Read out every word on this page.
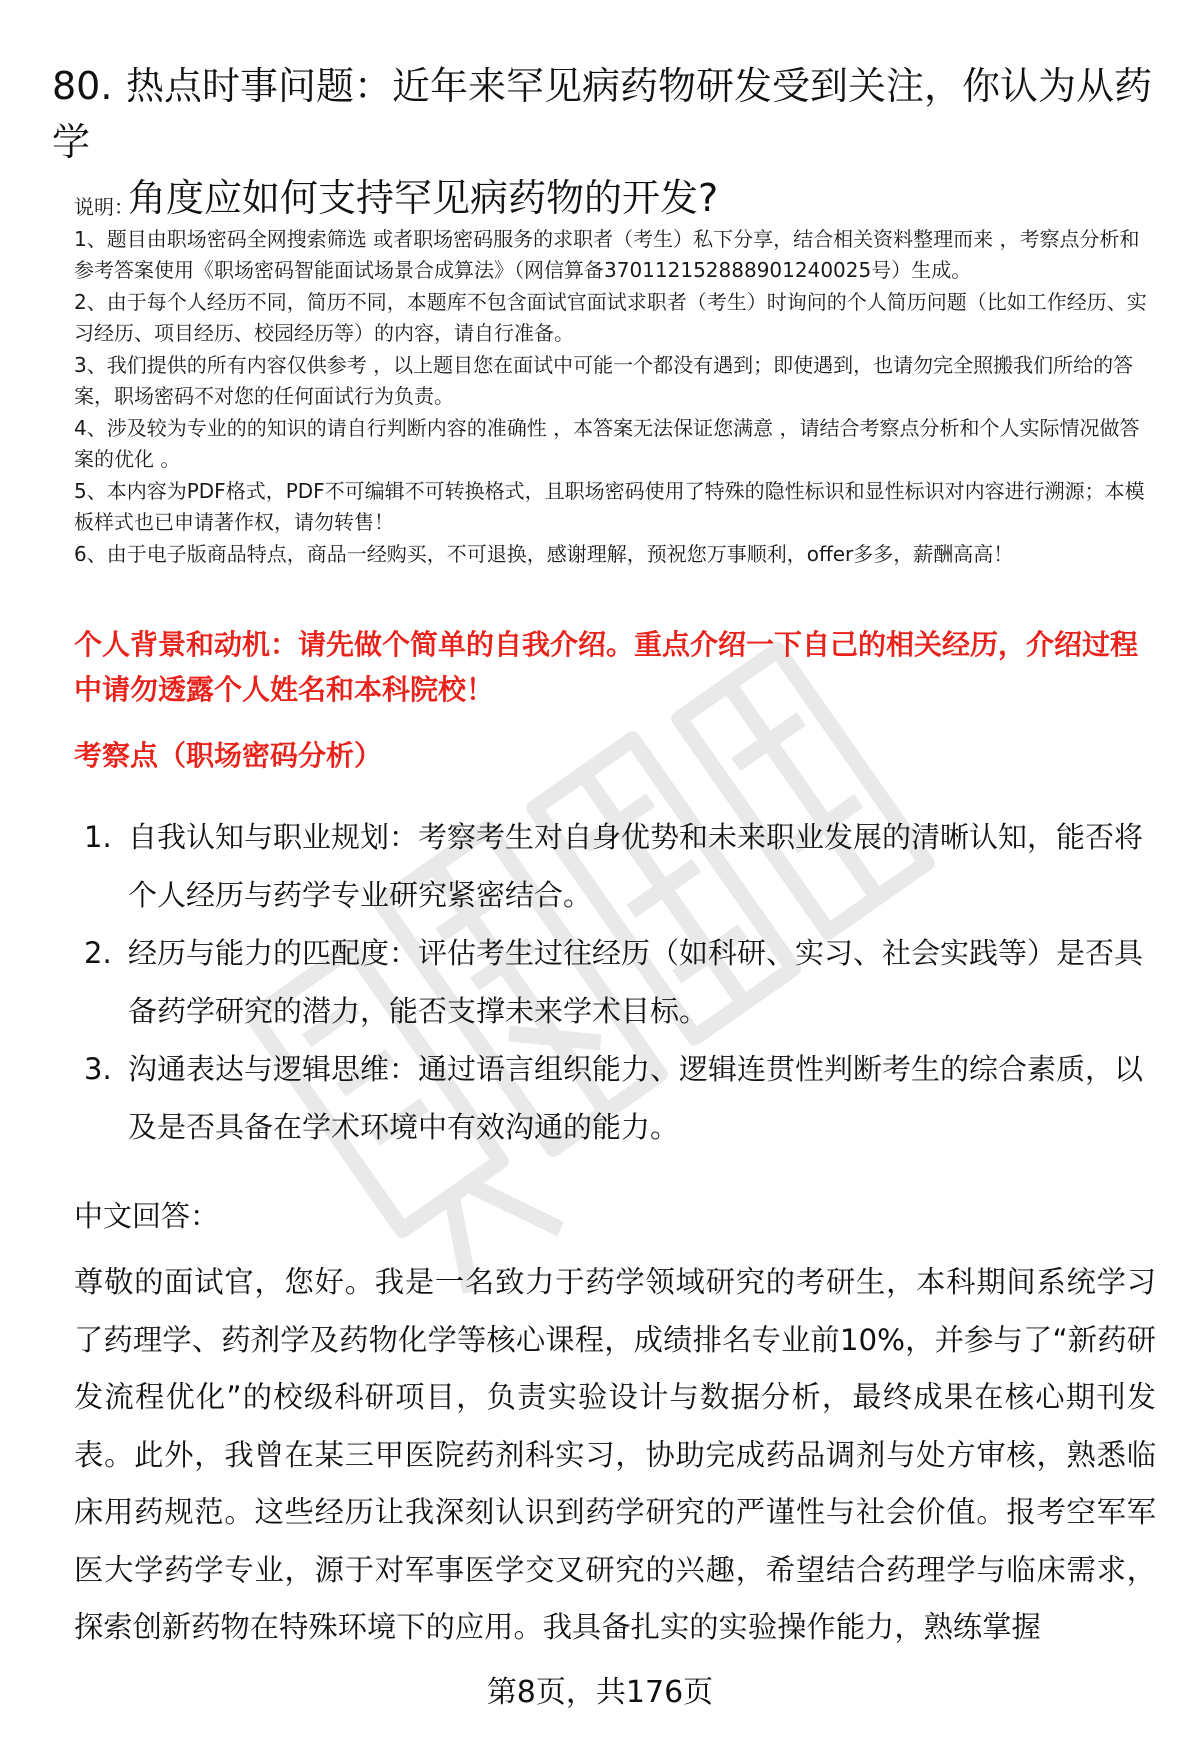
80. 热点时事问题：近年来罕见病药物研发受到关注，你认为从药学
角度应如何支持罕见病药物的开发?

说明：

1、题目由职场密码全网搜索筛选 或者职场密码服务的求职者（考生）私下分享，结合相关资料整理而来 ，考察点分析和参考答案使用《职场密码智能面试场景合成算法》（网信算备370112152888901240025号）生成。

2、由于每个人经历不同，简历不同，本题库不包含面试官面试求职者（考生）时询问的个人简历问题（比如工作经历、实习经历、项目经历、校园经历等）的内容，请自行准备。

3、我们提供的所有内容仅供参考 ，以上题目您在面试中可能一个都没有遇到；即使遇到，也请勿完全照搬我们所给的答案，职场密码不对您的任何面试行为负责。

4、涉及较为专业的的知识的请自行判断内容的准确性 ，本答案无法保证您满意 ，请结合考察点分析和个人实际情况做答案的优化 。

5、本内容为PDF格式，PDF不可编辑不可转换格式，且职场密码使用了特殊的隐性标识和显性标识对内容进行溯源；本模板样式也已申请著作权，请勿转售！

6、由于电子版商品特点，商品一经购买，不可退换，感谢理解，预祝您万事顺利，offer多多，薪酬高高！

个人背景和动机：请先做个简单的自我介绍。重点介绍一下自己的相关经历，介绍过程中请勿透露个人姓名和本科院校！

考察点（职场密码分析）

1. 自我认知与职业规划：考察考生对自身优势和未来职业发展的清晰认知，能否将个人经历与药学专业研究紧密结合。
2. 经历与能力的匹配度：评估考生过往经历（如科研、实习、社会实践等）是否具备药学研究的潜力，能否支撑未来学术目标。
3. 沟通表达与逻辑思维：通过语言组织能力、逻辑连贯性判断考生的综合素质，以及是否具备在学术环境中有效沟通的能力。

中文回答：

尊敬的面试官，您好。我是一名致力于药学领域研究的考研生，本科期间系统学习了药理学、药剂学及药物化学等核心课程，成绩排名专业前10%，并参与了“新药研发流程优化”的校级科研项目，负责实验设计与数据分析，最终成果在核心期刊发表。此外，我曾在某三甲医院药剂科实习，协助完成药品调剂与处方审核，熟悉临床用药规范。这些经历让我深刻认识到药学研究的严谨性与社会价值。报考空军军医大学药学专业，源于对军事医学交叉研究的兴趣，希望结合药理学与临床需求，探索创新药物在特殊环境下的应用。我具备扎实的实验操作能力，熟练掌握

第8页，共176页
